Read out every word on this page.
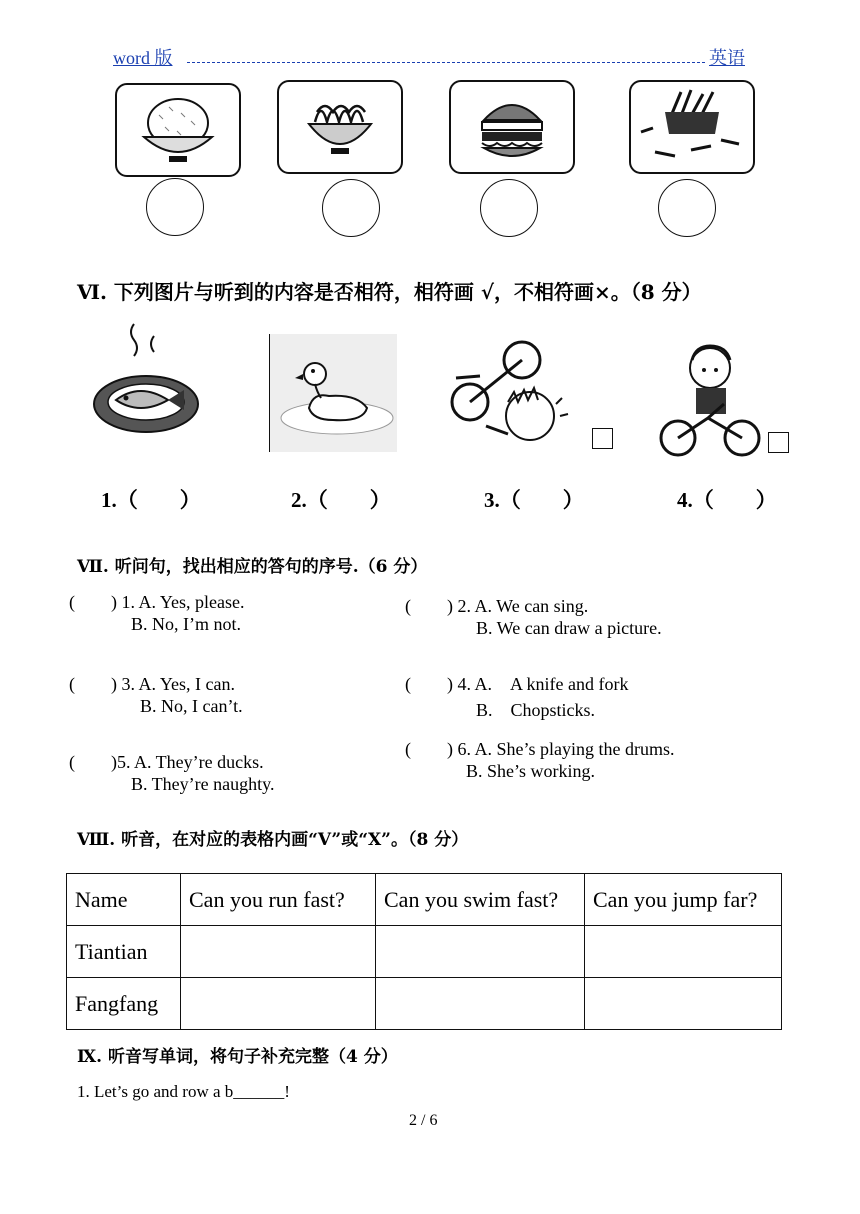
word 版	英语
Ⅵ. 下列图片与听到的内容是否相符，相符画 √，不相符画×。（8 分）
1.（　　）	2.（　　）	3.（　　）	4.（　　）
Ⅶ. 听问句，找出相应的答句的序号.（6 分）
(　　) 1. A. Yes, please.
B. No, I’m not.
(　　) 2. A. We can sing.
B. We can draw a picture.
(　　) 3. A. Yes, I can.
B. No, I can’t.
(　　) 4. A.　A knife and fork
B.　Chopsticks.
(　　)5. A. They’re ducks.
B. They’re naughty.
(　　) 6. A. She’s playing the drums.
B. She’s working.
Ⅷ. 听音，在对应的表格内画“V”或“X”。（8 分）
Name	Can you run fast?	Can you swim fast?	Can you jump far?
Tiantian			
Fangfang			
Ⅸ. 听音写单词，将句子补充完整（4 分）
1. Let’s go and row a b______!
2 / 6
